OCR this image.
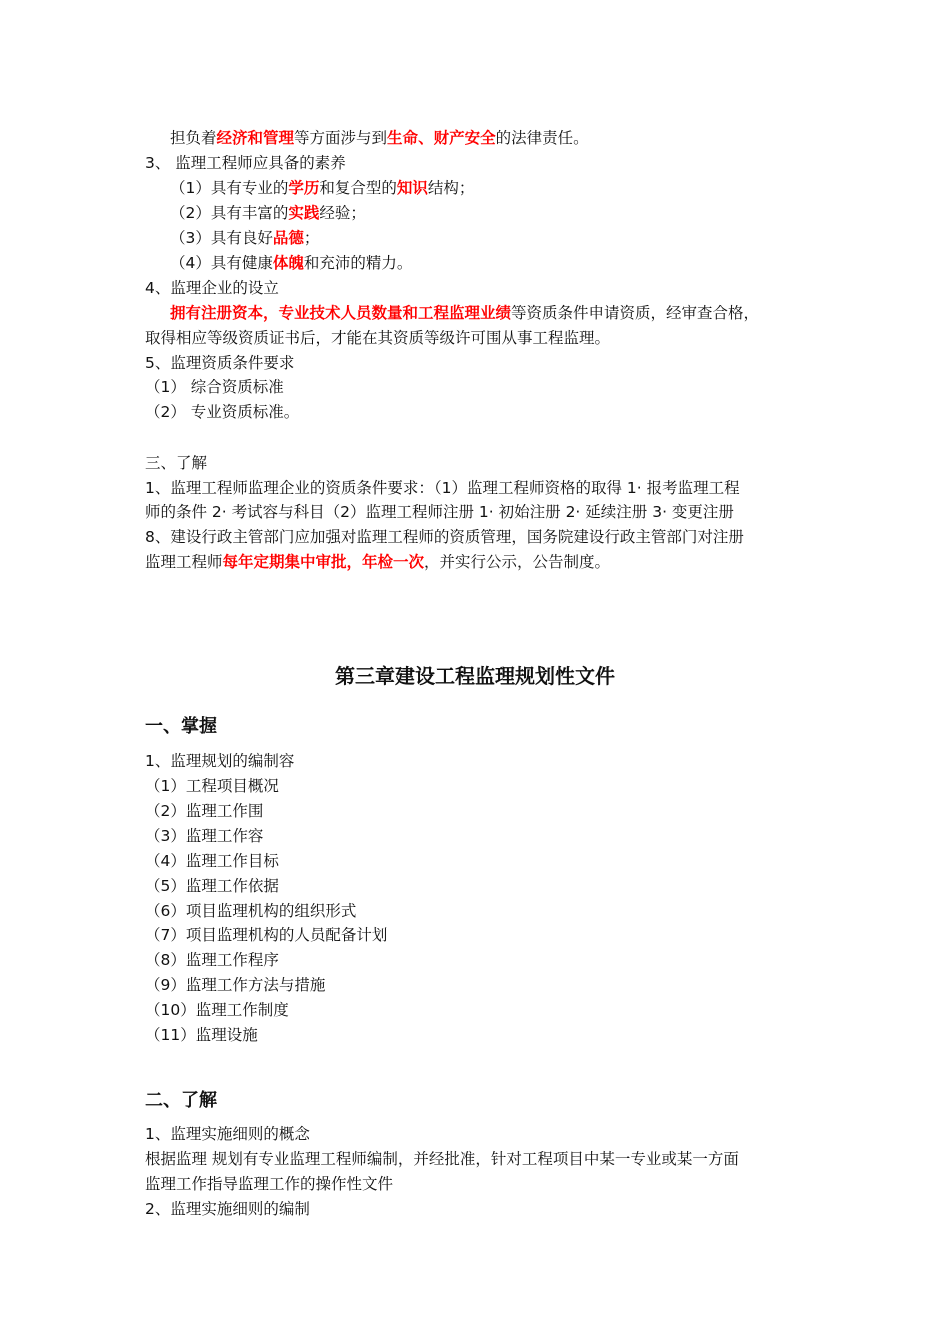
担负着经济和管理等方面涉与到生命、财产安全的法律责任。
3、 监理工程师应具备的素养
（1）具有专业的学历和复合型的知识结构；
（2）具有丰富的实践经验；
（3）具有良好品德；
（4）具有健康体魄和充沛的精力。
4、监理企业的设立
拥有注册资本，专业技术人员数量和工程监理业绩等资质条件申请资质，经审查合格，
取得相应等级资质证书后，才能在其资质等级许可围从事工程监理。
5、监理资质条件要求
（1） 综合资质标准
（2） 专业资质标准。
三、了解
1、监理工程师监理企业的资质条件要求：（1）监理工程师资格的取得 1· 报考监理工程
师的条件 2· 考试容与科目（2）监理工程师注册 1· 初始注册 2· 延续注册 3· 变更注册
8、建设行政主管部门应加强对监理工程师的资质管理，国务院建设行政主管部门对注册
监理工程师每年定期集中审批，年检一次，并实行公示，公告制度。
第三章建设工程监理规划性文件
一、掌握
1、监理规划的编制容
（1）工程项目概况
（2）监理工作围
（3）监理工作容
（4）监理工作目标
（5）监理工作依据
（6）项目监理机构的组织形式
（7）项目监理机构的人员配备计划
（8）监理工作程序
（9）监理工作方法与措施
（10）监理工作制度
（11）监理设施
二、了解
1、监理实施细则的概念
根据监理 规划有专业监理工程师编制，并经批准，针对工程项目中某一专业或某一方面
监理工作指导监理工作的操作性文件
2、监理实施细则的编制
